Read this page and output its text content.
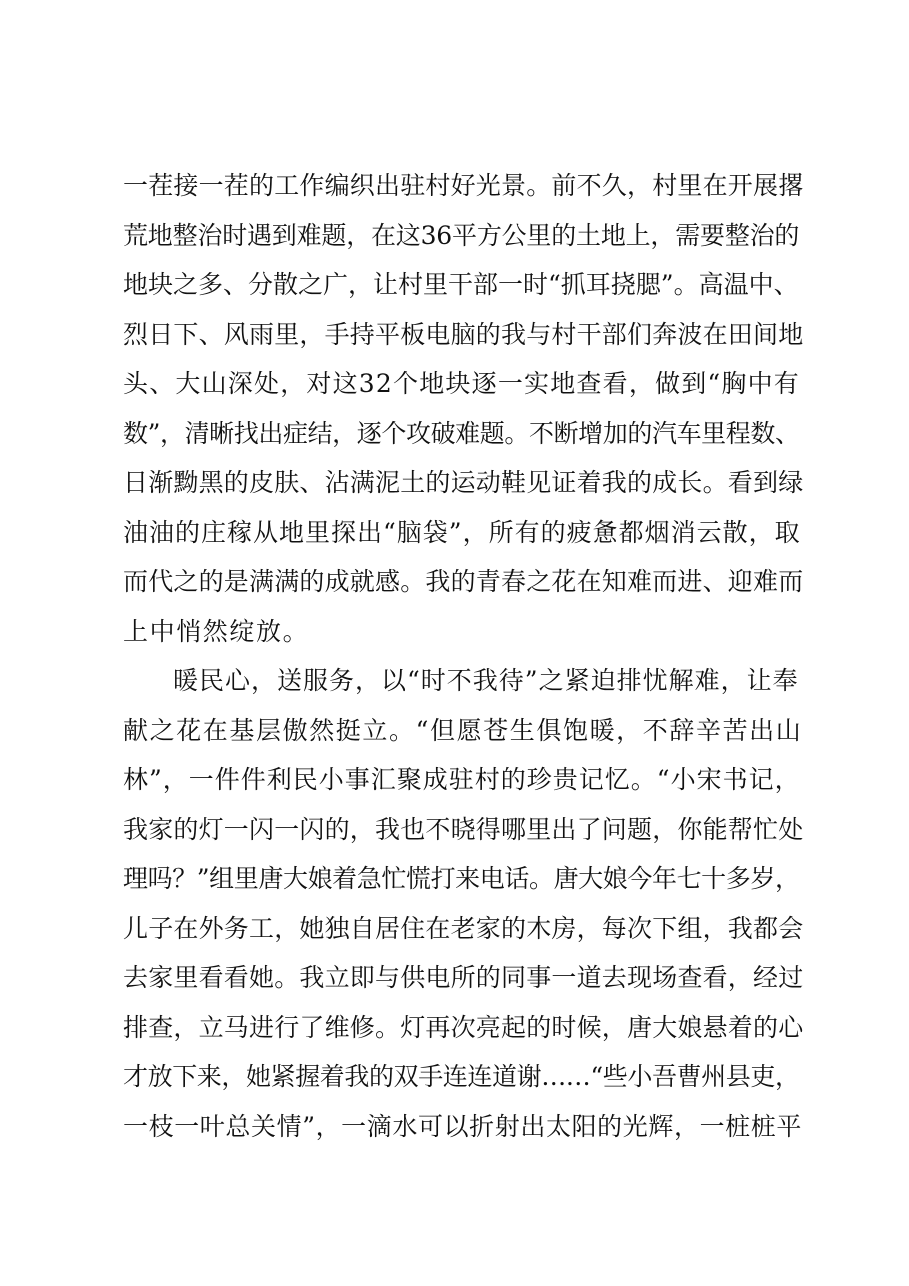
一茬接一茬的工作编织出驻村好光景。前不久，村里在开展撂
荒地整治时遇到难题，在这36平方公里的土地上，需要整治的
地块之多、分散之广，让村里干部一时“抓耳挠腮”。高温中、
烈日下、风雨里，手持平板电脑的我与村干部们奔波在田间地
头、大山深处，对这32个地块逐一实地查看，做到“胸中有
数”，清晰找出症结，逐个攻破难题。不断增加的汽车里程数、
日渐黝黑的皮肤、沾满泥土的运动鞋见证着我的成长。看到绿
油油的庄稼从地里探出“脑袋”，所有的疲惫都烟消云散，取
而代之的是满满的成就感。我的青春之花在知难而进、迎难而
上中悄然绽放。
暖民心，送服务，以“时不我待”之紧迫排忧解难，让奉
献之花在基层傲然挺立。“但愿苍生俱饱暖，不辞辛苦出山
林”，一件件利民小事汇聚成驻村的珍贵记忆。“小宋书记，
我家的灯一闪一闪的，我也不晓得哪里出了问题，你能帮忙处
理吗？”组里唐大娘着急忙慌打来电话。唐大娘今年七十多岁，
儿子在外务工，她独自居住在老家的木房，每次下组，我都会
去家里看看她。我立即与供电所的同事一道去现场查看，经过
排查，立马进行了维修。灯再次亮起的时候，唐大娘悬着的心
才放下来，她紧握着我的双手连连道谢……“些小吾曹州县吏，
一枝一叶总关情”，一滴水可以折射出太阳的光辉，一桩桩平
